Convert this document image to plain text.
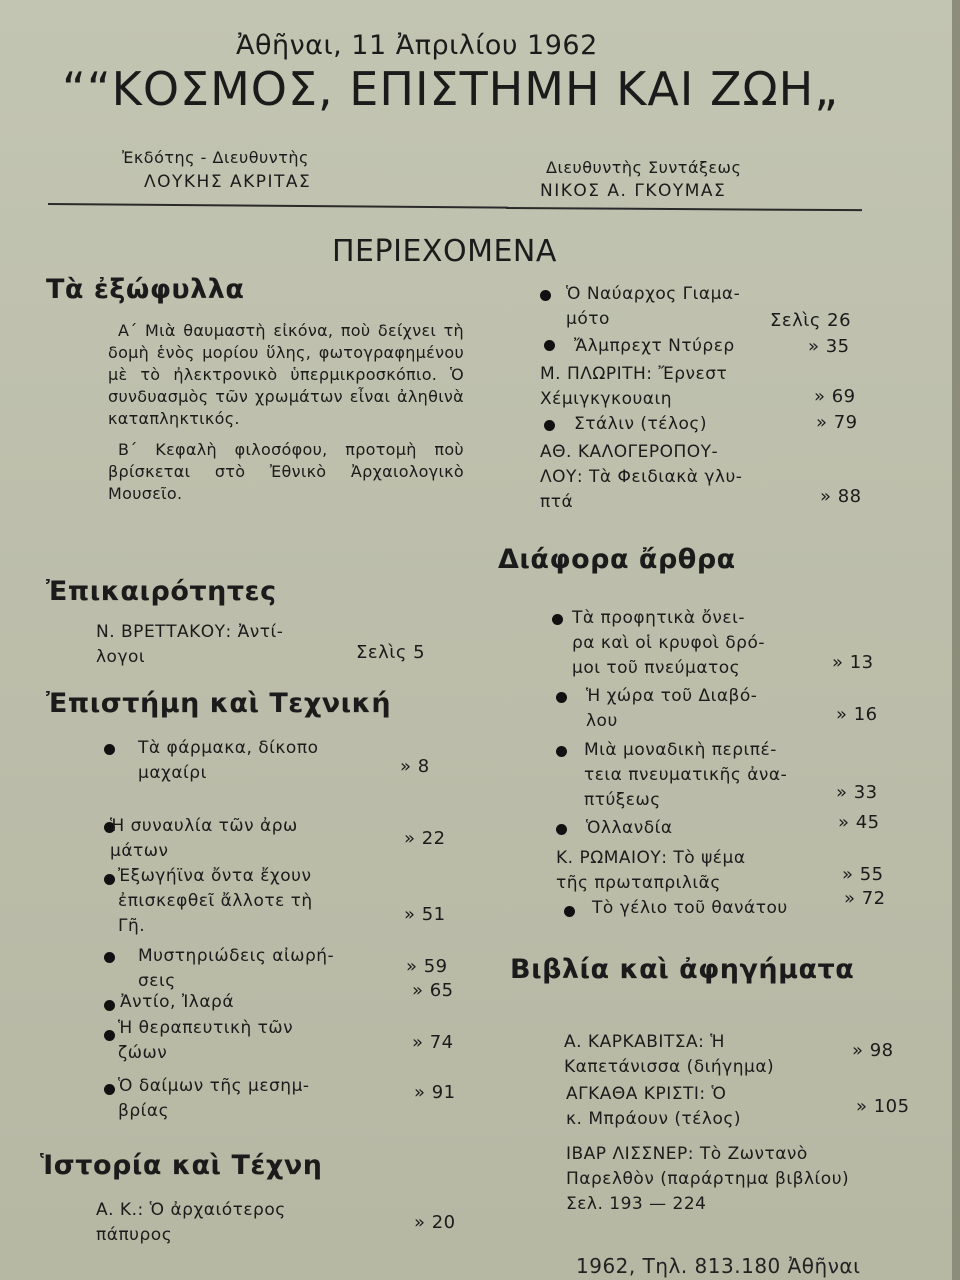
Ἀθῆναι, 11 Ἀπριλίου 1962
““ΚΟΣΜΟΣ, ΕΠΙΣΤΗΜΗ ΚΑΙ ΖΩΗ„
Ἐκδότης - Διευθυντὴς
ΛΟΥΚΗΣ ΑΚΡΙΤΑΣ
Διευθυντὴς Συντάξεως
ΝΙΚΟΣ Α. ΓΚΟΥΜΑΣ
ΠΕΡΙΕΧΟΜΕΝΑ
Τὰ ἐξώφυλλα

Α΄ Μιὰ θαυμαστὴ εἰκόνα, ποὺ δείχνει τὴ δομὴ ἑνὸς μορίου ὕλης, φωτογραφημένου μὲ τὸ ἠλεκτρονικὸ ὑπερμικροσκόπιο. Ὁ συνδυασμὸς τῶν χρωμάτων εἶναι ἀληθινὰ καταπληκτικός.

Β΄ Κεφαλὴ φιλοσόφου, προτομὴ ποὺ βρίσκεται στὸ Ἐθνικὸ Ἀρχαιολογικὸ Μουσεῖο.

Ἐπικαιρότητες
Ν. ΒΡΕΤΤΑΚΟΥ: Ἀντί-
λογοι	Σελὶς 5
Ἐπιστήμη καὶ Τεχνική
Τὰ φάρμακα, δίκοπο
μαχαίρι	» 8
Ἡ συναυλία τῶν ἀρω
μάτων
» 22
Ἐξωγήϊνα ὄντα ἔχουν
ἐπισκεφθεῖ ἄλλοτε τὴ
Γῆ.
» 51
Μυστηριώδεις αἰωρή-
σεις
» 59
Ἀντίο, Ἰλαρά
» 65
Ἡ θεραπευτικὴ τῶν
ζώων	» 74
Ὁ δαίμων τῆς μεσημ-
βρίας
» 91
Ἱστορία καὶ Τέχνη
Α. Κ.: Ὁ ἀρχαιότερος
πάπυρος
» 20
Ὁ Ναύαρχος Γιαμα-
μότο	Σελὶς 26
Ἄλμπρεχτ Ντύρερ	» 35
Μ. ΠΛΩΡΙΤΗ: Ἔρνεστ
Χέμιγκγκουαιη	» 69
Στάλιν (τέλος)	» 79
ΑΘ. ΚΑΛΟΓΕΡΟΠΟΥ-
ΛΟΥ: Τὰ Φειδιακὰ γλυ-
πτά	» 88
Διάφορα ἄρθρα
Τὰ προφητικὰ ὄνει-
ρα καὶ οἱ κρυφοὶ δρό-
μοι τοῦ πνεύματος	» 13
Ἡ χώρα τοῦ Διαβό-
λου	» 16
Μιὰ μοναδικὴ περιπέ-
τεια πνευματικῆς ἀνα-
πτύξεως	» 33
Ὁλλανδία	» 45
Κ. ΡΩΜΑΙΟΥ: Τὸ ψέμα
τῆς πρωταπριλιᾶς	» 55
Τὸ γέλιο τοῦ θανάτου	» 72
Βιβλία καὶ ἀφηγήματα
Α. ΚΑΡΚΑΒΙΤΣΑ: Ἡ
Καπετάνισσα (διήγημα)
» 98
ΑΓΚΑΘΑ ΚΡΙΣΤΙ: Ὁ
κ. Μπράουν (τέλος)
» 105
ΙΒΑΡ ΛΙΣΣΝΕΡ: Τὸ Ζωντανὸ
Παρελθὸν (παράρτημα βιβλίου)
Σελ. 193 — 224
1962, Τηλ. 813.180 Ἀθῆναι
